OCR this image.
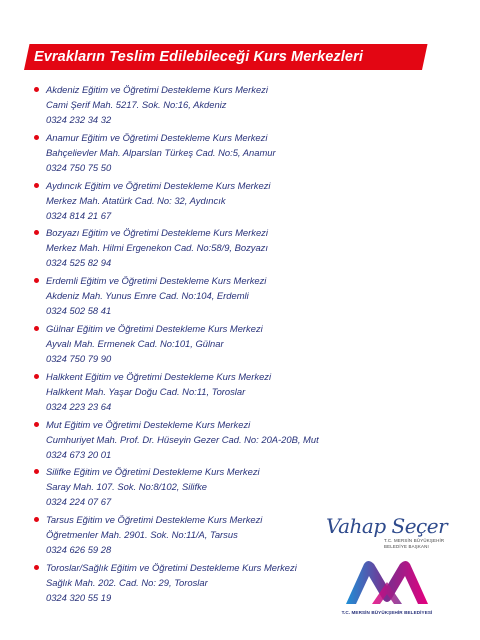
Evrakların Teslim Edilebileceği Kurs Merkezleri
Akdeniz Eğitim ve Öğretimi Destekleme Kurs Merkezi
Cami Şerif Mah. 5217. Sok. No:16, Akdeniz
0324 232 34 32
Anamur Eğitim ve Öğretimi Destekleme Kurs Merkezi
Bahçelievler Mah. Alparslan Türkeş Cad. No:5, Anamur
0324 750 75 50
Aydıncık Eğitim ve Öğretimi Destekleme Kurs Merkezi
Merkez Mah. Atatürk Cad. No: 32, Aydıncık
0324 814 21 67
Bozyazı Eğitim ve Öğretimi Destekleme Kurs Merkezi
Merkez Mah. Hilmi Ergenekon Cad. No:58/9, Bozyazı
0324 525 82 94
Erdemli Eğitim ve Öğretimi Destekleme Kurs Merkezi
Akdeniz Mah. Yunus Emre Cad. No:104, Erdemli
0324 502 58 41
Gülnar Eğitim ve Öğretimi Destekleme Kurs Merkezi
Ayvalı Mah. Ermenek Cad. No:101, Gülnar
0324 750 79 90
Halkkent Eğitim ve Öğretimi Destekleme Kurs Merkezi
Halkkent Mah. Yaşar Doğu Cad. No:11, Toroslar
0324 223 23 64
Mut Eğitim ve Öğretimi Destekleme Kurs Merkezi
Cumhuriyet Mah. Prof. Dr. Hüseyin Gezer Cad. No: 20A-20B, Mut
0324 673 20 01
Silifke Eğitim ve Öğretimi Destekleme Kurs Merkezi
Saray Mah. 107. Sok. No:8/102, Silifke
0324 224 07 67
Tarsus Eğitim ve Öğretimi Destekleme Kurs Merkezi
Öğretmenler Mah. 2901. Sok. No:11/A, Tarsus
0324 626 59 28
Toroslar/Sağlık Eğitim ve Öğretimi Destekleme Kurs Merkezi
Sağlık Mah. 202. Cad. No: 29, Toroslar
0324 320 55 19
Vahap Seçer
T.C. MERSİN BÜYÜKŞEHİR
BELEDİYE BAŞKANI
T.C. MERSİN BÜYÜKŞEHİR BELEDİYESİ
